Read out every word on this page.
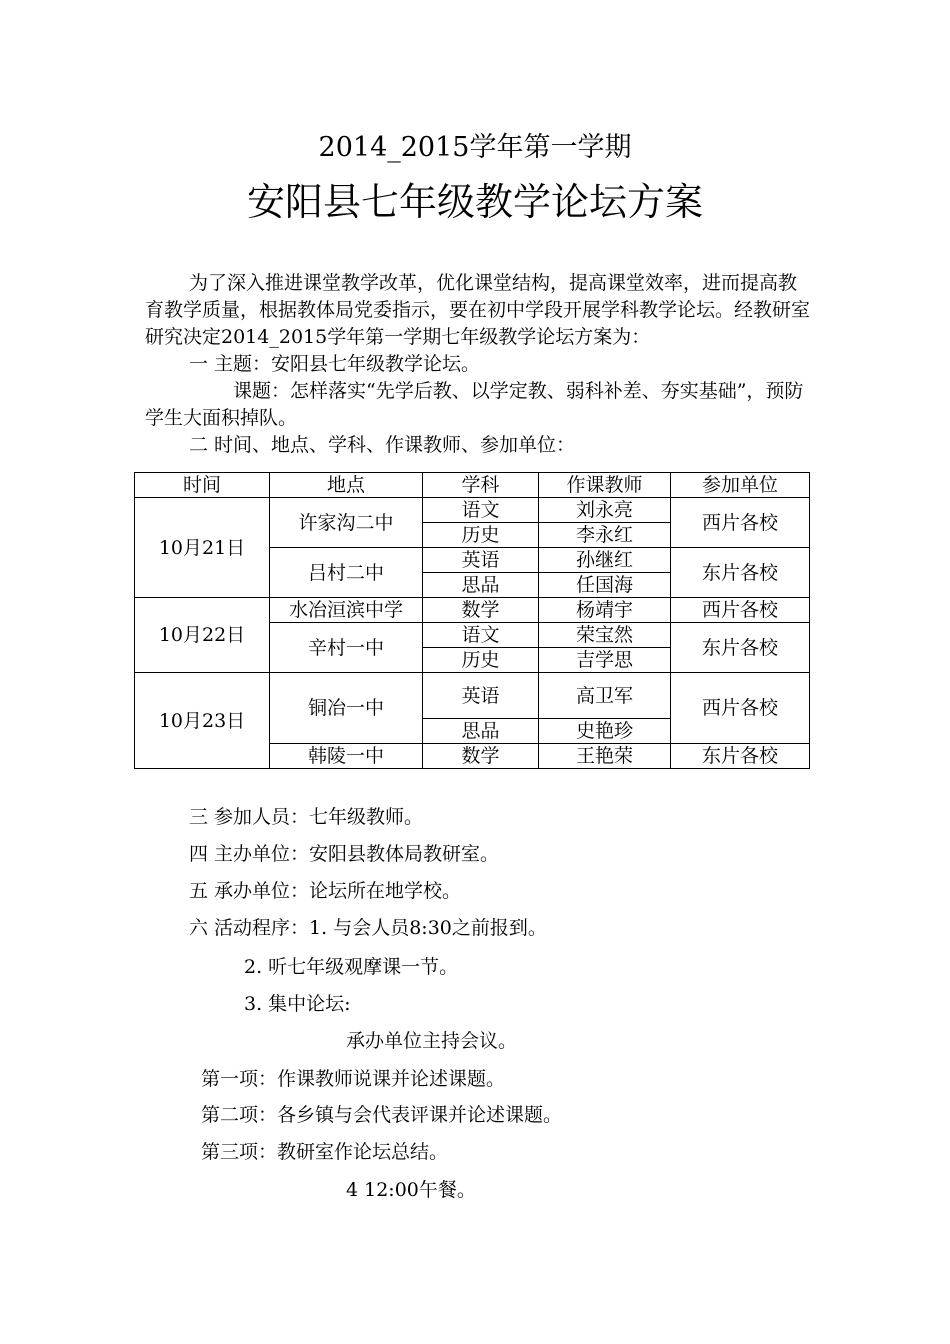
2014_2015学年第一学期
安阳县七年级教学论坛方案

为了深入推进课堂教学改革，优化课堂结构，提高课堂效率，进而提高教育教学质量，根据教体局党委指示，要在初中学段开展学科教学论坛。经教研室研究决定2014_2015学年第一学期七年级教学论坛方案为：

一 主题：安阳县七年级教学论坛。

课题：怎样落实“先学后教、以学定教、弱科补差、夯实基础”，预防学生大面积掉队。

二 时间、地点、学科、作课教师、参加单位：

时间	地点	学科	作课教师	参加单位
10月21日	许家沟二中	语文	刘永亮	西片各校
		历史	李永红	
	吕村二中	英语	孙继红	东片各校
		思品	任国海	
10月22日	水冶洹滨中学	数学	杨靖宇	西片各校
	辛村一中	语文	荣宝然	东片各校
		历史	吉学思	
10月23日	铜冶一中	英语	高卫军	西片各校
		思品	史艳珍	
	韩陵一中	数学	王艳荣	东片各校
三 参加人员：七年级教师。
四 主办单位：安阳县教体局教研室。
五 承办单位：论坛所在地学校。
六 活动程序：1. 与会人员8:30之前报到。
2. 听七年级观摩课一节。
3. 集中论坛:
承办单位主持会议。
第一项：作课教师说课并论述课题。
第二项：各乡镇与会代表评课并论述课题。
第三项：教研室作论坛总结。
4 12:00午餐。
